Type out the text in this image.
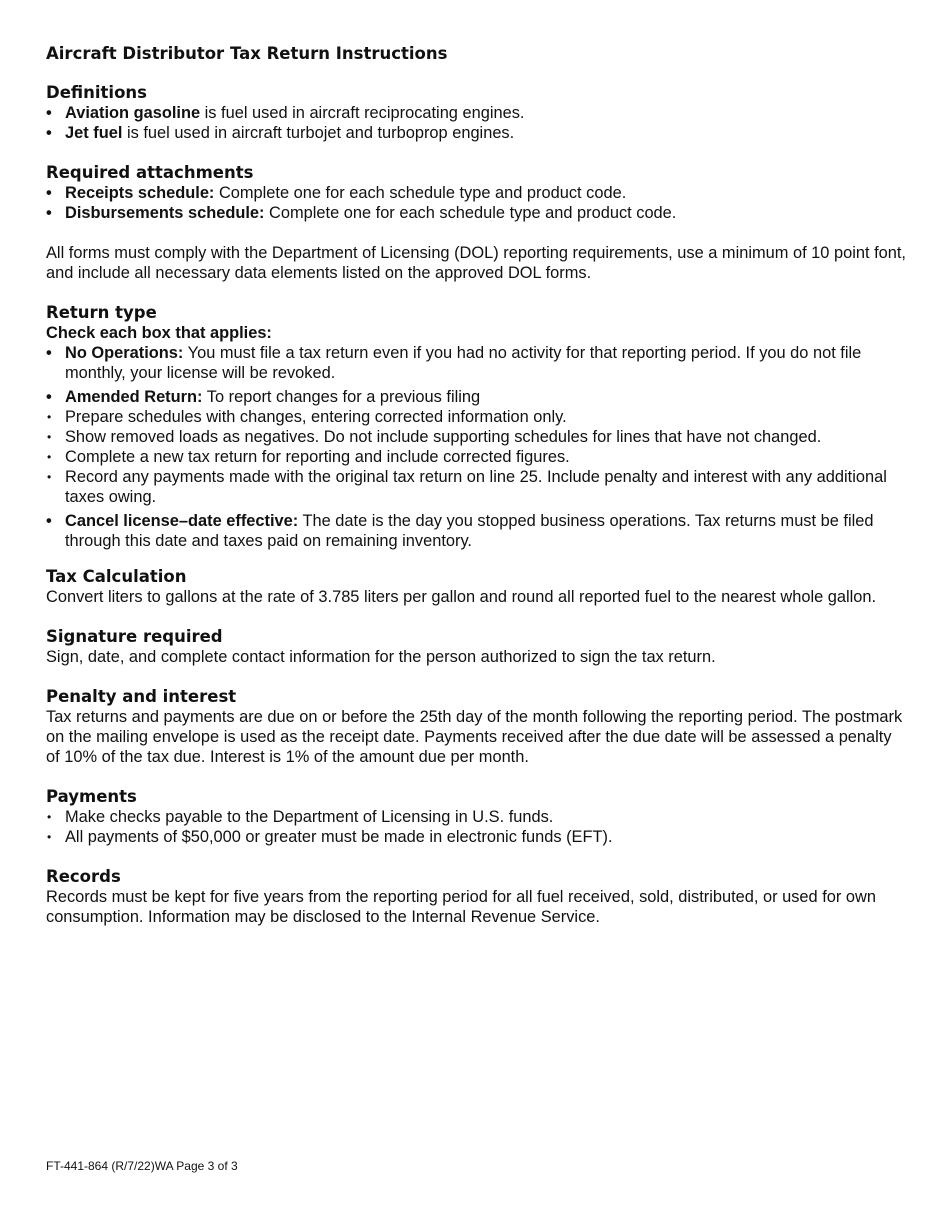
Aircraft Distributor Tax Return Instructions
Definitions
• Aviation gasoline is fuel used in aircraft reciprocating engines.
• Jet fuel is fuel used in aircraft turbojet and turboprop engines.
Required attachments
• Receipts schedule: Complete one for each schedule type and product code.
• Disbursements schedule: Complete one for each schedule type and product code.

All forms must comply with the Department of Licensing (DOL) reporting requirements, use a minimum of 10 point font, and include all necessary data elements listed on the approved DOL forms.

Return type

Check each box that applies:

• No Operations: You must file a tax return even if you had no activity for that reporting period. If you do not file monthly, your license will be revoked.
• Amended Return: To report changes for a previous filing
• Prepare schedules with changes, entering corrected information only.
• Show removed loads as negatives. Do not include supporting schedules for lines that have not changed.
• Complete a new tax return for reporting and include corrected figures.
• Record any payments made with the original tax return on line 25. Include penalty and interest with any additional taxes owing.
• Cancel license–date effective: The date is the day you stopped business operations. Tax returns must be filed through this date and taxes paid on remaining inventory.
Tax Calculation

Convert liters to gallons at the rate of 3.785 liters per gallon and round all reported fuel to the nearest whole gallon.

Signature required

Sign, date, and complete contact information for the person authorized to sign the tax return.

Penalty and interest

Tax returns and payments are due on or before the 25th day of the month following the reporting period. The postmark on the mailing envelope is used as the receipt date. Payments received after the due date will be assessed a penalty of 10% of the tax due. Interest is 1% of the amount due per month.

Payments
• Make checks payable to the Department of Licensing in U.S. funds.
• All payments of $50,000 or greater must be made in electronic funds (EFT).
Records

Records must be kept for five years from the reporting period for all fuel received, sold, distributed, or used for own consumption. Information may be disclosed to the Internal Revenue Service.

FT-441-864 (R/7/22)WA Page 3 of 3
